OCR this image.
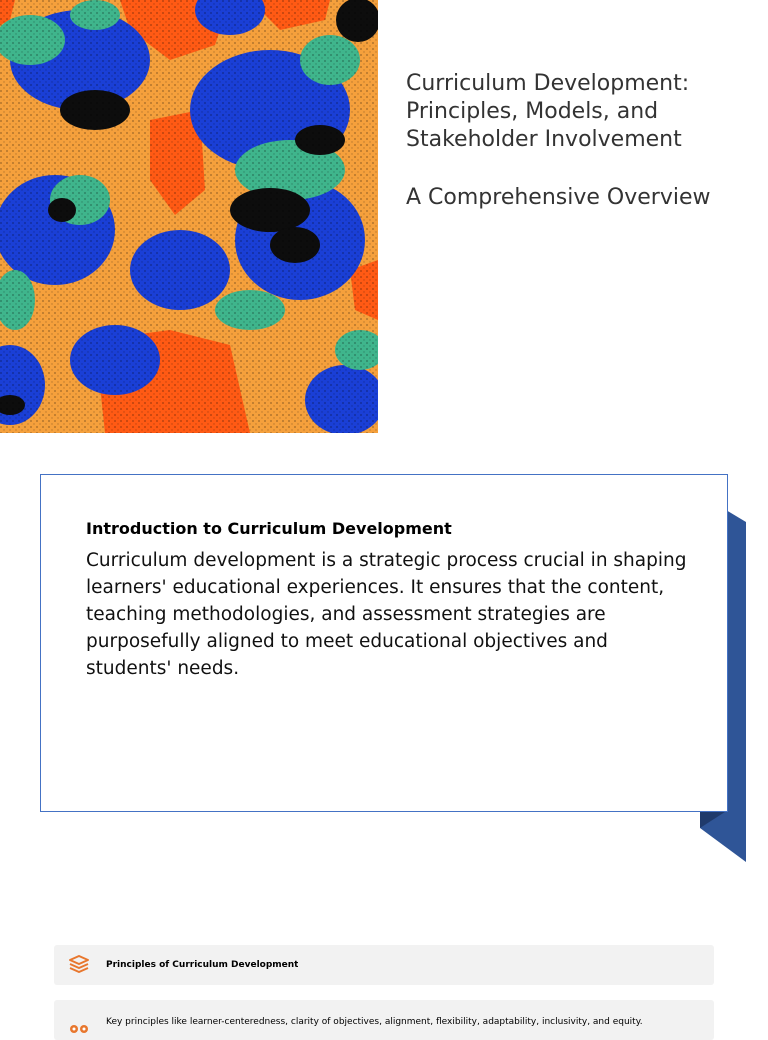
Curriculum Development: Principles, Models, and Stakeholder Involvement
A Comprehensive Overview
Introduction to Curriculum Development

Curriculum development is a strategic process crucial in shaping learners' educational experiences. It ensures that the content, teaching methodologies, and assessment strategies are purposefully aligned to meet educational objectives and students' needs.

Principles of Curriculum Development
Key principles like learner-centeredness, clarity of objectives, alignment, flexibility, adaptability, inclusivity, and equity.
